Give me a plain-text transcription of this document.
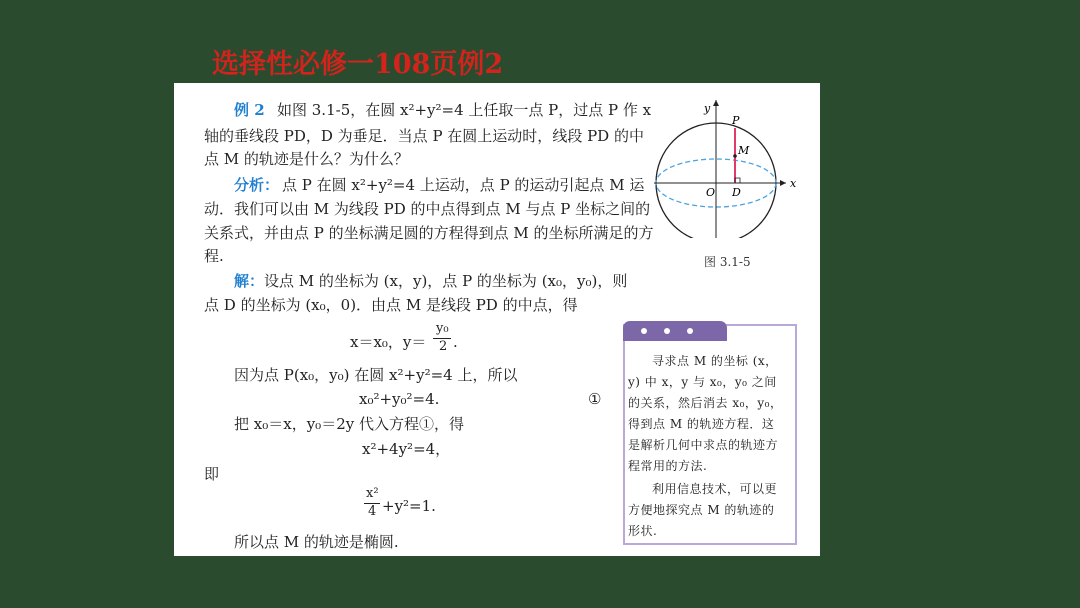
选择性必修一108页例2
例 2 如图 3.1-5，在圆 x²+y²=4 上任取一点 P，过点 P 作 x
轴的垂线段 PD，D 为垂足．当点 P 在圆上运动时，线段 PD 的中
点 M 的轨迹是什么？为什么？
分析： 点 P 在圆 x²+y²=4 上运动，点 P 的运动引起点 M 运
动．我们可以由 M 为线段 PD 的中点得到点 M 与点 P 坐标之间的
关系式，并由点 P 的坐标满足圆的方程得到点 M 的坐标所满足的方
程.
解： 设点 M 的坐标为 (x，y)，点 P 的坐标为 (x₀，y₀)，则
点 D 的坐标为 (x₀，0)．由点 M 是线段 PD 的中点，得
x＝x₀，y＝
y₀
2 .
因为点 P(x₀，y₀) 在圆 x²+y²=4 上，所以
x₀²+y₀²=4.	①
把 x₀＝x，y₀＝2y 代入方程①，得
x²+4y²=4，
即
x²
4 +y²=1.
所以点 M 的轨迹是椭圆.
y
x
P
M
O D
图 3.1-5
寻求点 M 的坐标 (x，
y) 中 x，y 与 x₀，y₀ 之间
的关系，然后消去 x₀，y₀，
得到点 M 的轨迹方程．这
是解析几何中求点的轨迹方
程常用的方法.
利用信息技术，可以更
方便地探究点 M 的轨迹的
形状.
